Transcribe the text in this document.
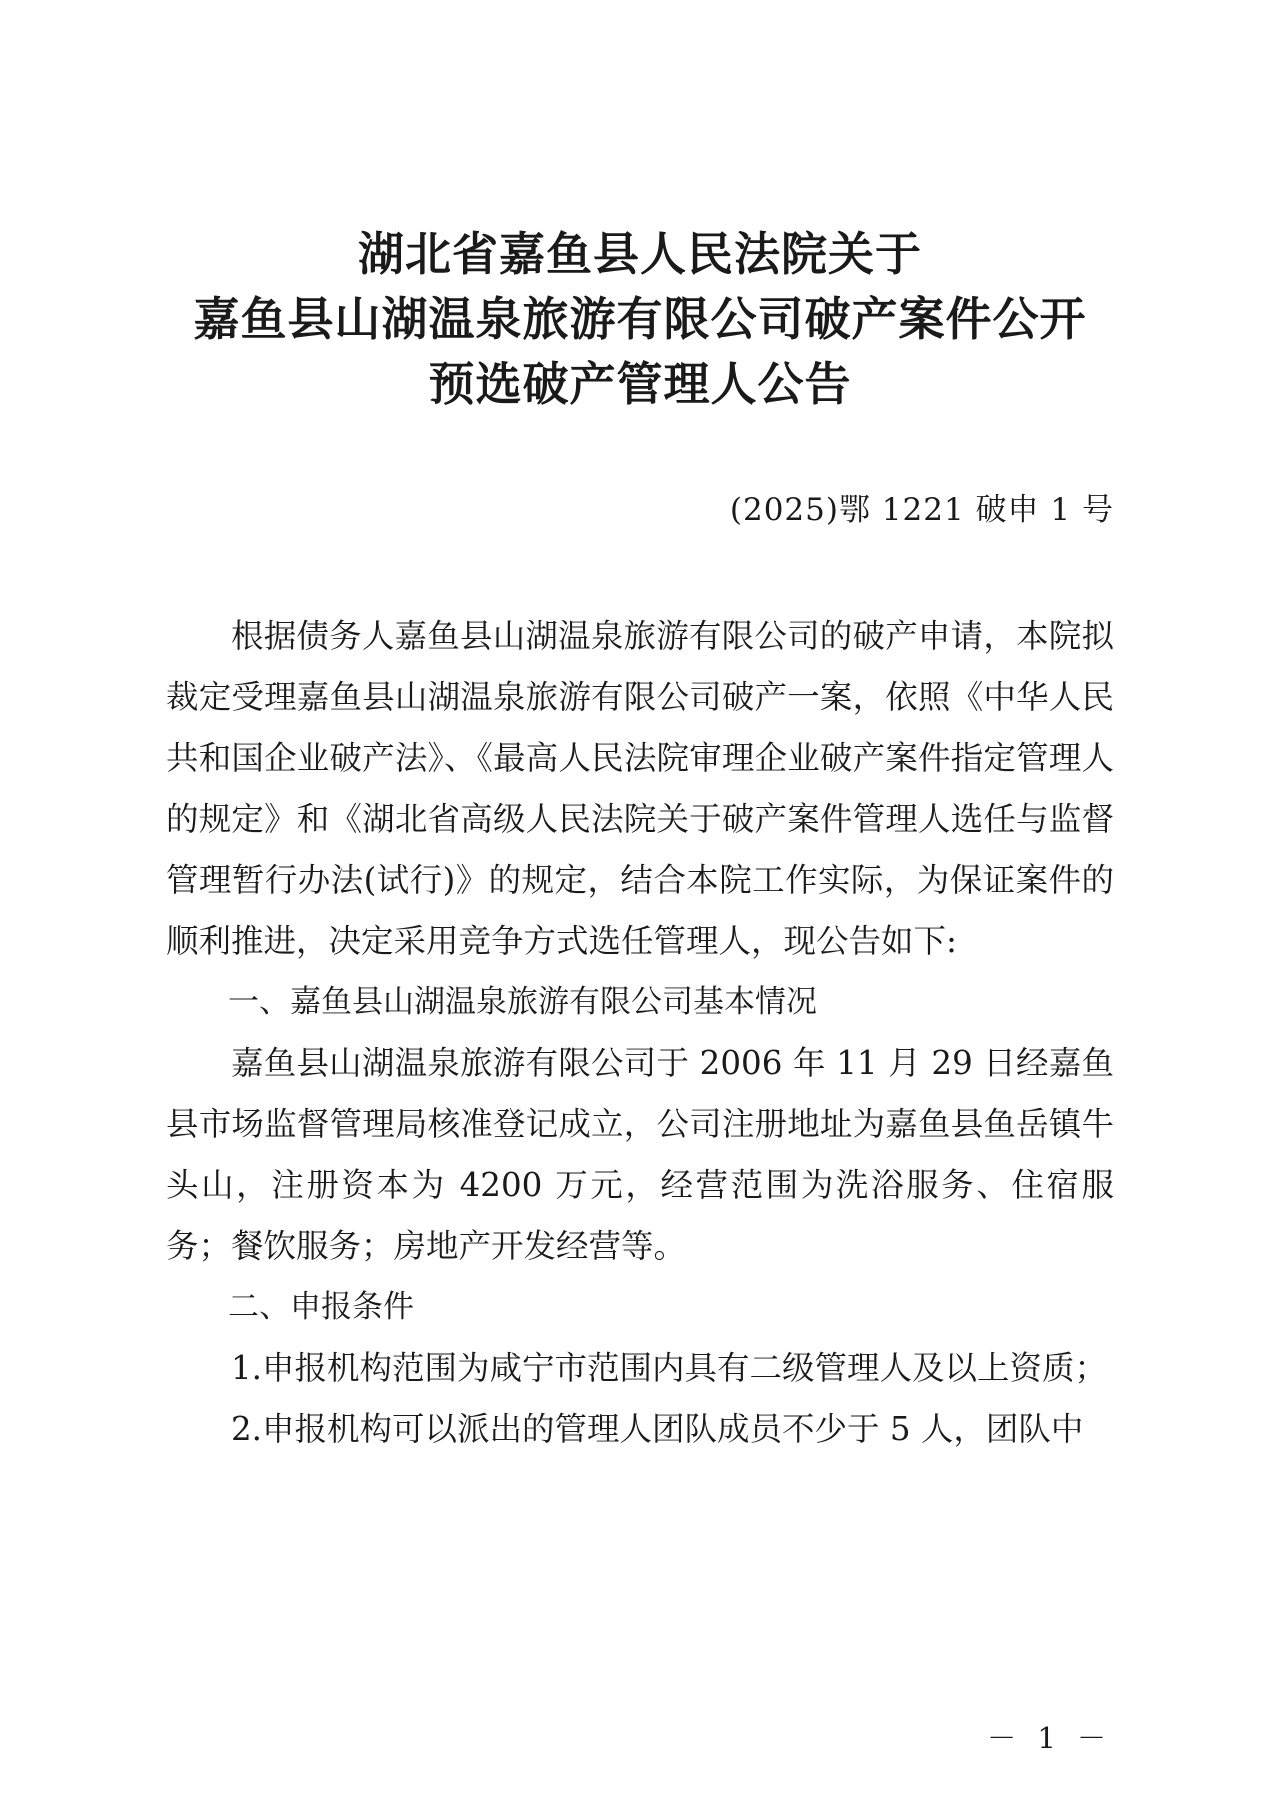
湖北省嘉鱼县人民法院关于
嘉鱼县山湖温泉旅游有限公司破产案件公开
预选破产管理人公告
(2025)鄂 1221 破申 1 号

根据债务人嘉鱼县山湖温泉旅游有限公司的破产申请，本院拟裁定受理嘉鱼县山湖温泉旅游有限公司破产一案，依照《中华人民共和国企业破产法》、《最高人民法院审理企业破产案件指定管理人的规定》和《湖北省高级人民法院关于破产案件管理人选任与监督管理暂行办法(试行)》的规定，结合本院工作实际，为保证案件的顺利推进，决定采用竞争方式选任管理人，现公告如下:

一、嘉鱼县山湖温泉旅游有限公司基本情况

嘉鱼县山湖温泉旅游有限公司于 2006 年 11 月 29 日经嘉鱼县市场监督管理局核准登记成立，公司注册地址为嘉鱼县鱼岳镇牛头山，注册资本为 4200 万元，经营范围为洗浴服务、住宿服务；餐饮服务；房地产开发经营等。

二、申报条件

1.申报机构范围为咸宁市范围内具有二级管理人及以上资质；

2.申报机构可以派出的管理人团队成员不少于 5 人，团队中

－ 1 －
